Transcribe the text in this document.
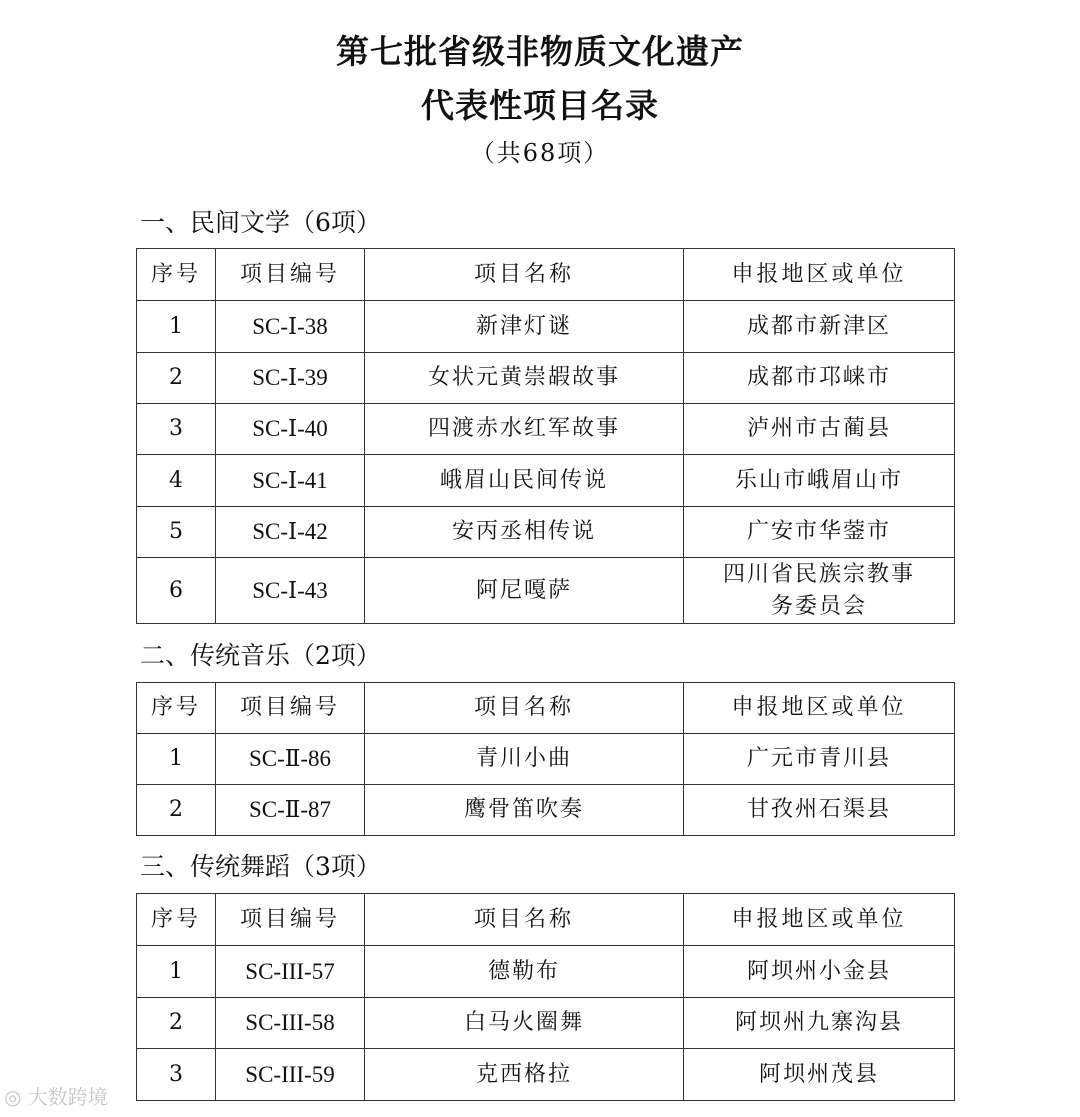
第七批省级非物质文化遗产
代表性项目名录
（共68项）
一、民间文学（6项）
序号	项目编号	项目名称	申报地区或单位
1	SC-Ⅰ-38	新津灯谜	成都市新津区
2	SC-Ⅰ-39	女状元黄崇嘏故事	成都市邛崃市
3	SC-Ⅰ-40	四渡赤水红军故事	泸州市古蔺县
4	SC-Ⅰ-41	峨眉山民间传说	乐山市峨眉山市
5	SC-Ⅰ-42	安丙丞相传说	广安市华蓥市
6	SC-Ⅰ-43	阿尼嘎萨	四川省民族宗教事务委员会
二、传统音乐（2项）
序号	项目编号	项目名称	申报地区或单位
1	SC-Ⅱ-86	青川小曲	广元市青川县
2	SC-Ⅱ-87	鹰骨笛吹奏	甘孜州石渠县
三、传统舞蹈（3项）
序号	项目编号	项目名称	申报地区或单位
1	SC-III-57	德勒布	阿坝州小金县
2	SC-III-58	白马火圈舞	阿坝州九寨沟县
3	SC-III-59	克西格拉	阿坝州茂县
◎ 大数跨境
